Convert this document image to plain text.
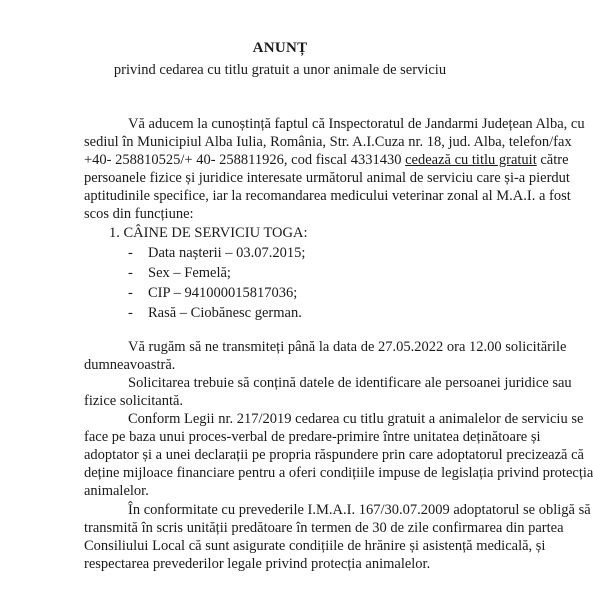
ANUNȚ
privind cedarea cu titlu gratuit a unor animale de serviciu
Vă aducem la cunoștință faptul că Inspectoratul de Jandarmi Județean Alba, cu
sediul în Municipiul Alba Iulia, România, Str. A.I.Cuza nr. 18, jud. Alba, telefon/fax
+40- 258810525/+ 40- 258811926, cod fiscal 4331430 cedează cu titlu gratuit către
persoanele fizice și juridice interesate următorul animal de serviciu care și-a pierdut
aptitudinile specifice, iar la recomandarea medicului veterinar zonal al M.A.I. a fost
scos din funcțiune:
1. CÂINE DE SERVICIU TOGA:
- Data nașterii – 03.07.2015;
- Sex – Femelă;
- CIP – 941000015817036;
- Rasă – Ciobănesc german.
Vă rugăm să ne transmiteți până la data de 27.05.2022 ora 12.00 solicitările
dumneavoastră.
Solicitarea trebuie să conțină datele de identificare ale persoanei juridice sau
fizice solicitantă.
Conform Legii nr. 217/2019 cedarea cu titlu gratuit a animalelor de serviciu se
face pe baza unui proces-verbal de predare-primire între unitatea deținătoare și
adoptator și a unei declarații pe propria răspundere prin care adoptatorul precizează că
deține mijloace financiare pentru a oferi condițiile impuse de legislația privind protecția
animalelor.
În conformitate cu prevederile I.M.A.I. 167/30.07.2009 adoptatorul se obligă să
transmită în scris unității predătoare în termen de 30 de zile confirmarea din partea
Consiliului Local că sunt asigurate condițiile de hrănire și asistență medicală, și
respectarea prevederilor legale privind protecția animalelor.
